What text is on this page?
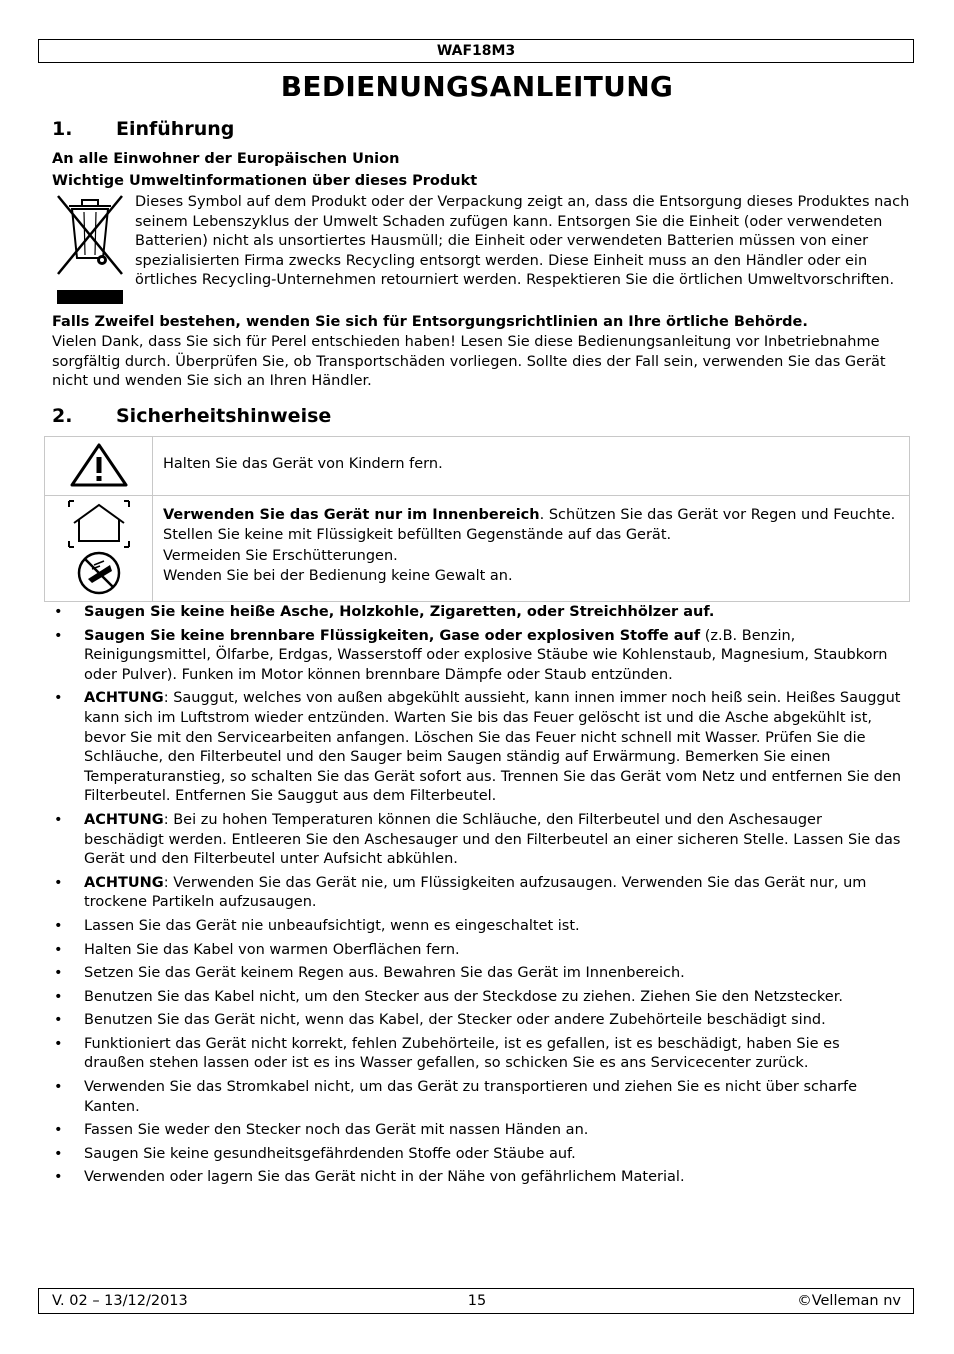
WAF18M3
BEDIENUNGSANLEITUNG
1. Einführung
An alle Einwohner der Europäischen Union
Wichtige Umweltinformationen über dieses Produkt
Dieses Symbol auf dem Produkt oder der Verpackung zeigt an, dass die Entsorgung dieses Produktes nach seinem Lebenszyklus der Umwelt Schaden zufügen kann. Entsorgen Sie die Einheit (oder verwendeten Batterien) nicht als unsortiertes Hausmüll; die Einheit oder verwendeten Batterien müssen von einer spezialisierten Firma zwecks Recycling entsorgt werden. Diese Einheit muss an den Händler oder ein örtliches Recycling-Unternehmen retourniert werden. Respektieren Sie die örtlichen Umweltvorschriften.
Falls Zweifel bestehen, wenden Sie sich für Entsorgungsrichtlinien an Ihre örtliche Behörde.
Vielen Dank, dass Sie sich für Perel entschieden haben! Lesen Sie diese Bedienungsanleitung vor Inbetriebnahme sorgfältig durch. Überprüfen Sie, ob Transportschäden vorliegen. Sollte dies der Fall sein, verwenden Sie das Gerät nicht und wenden Sie sich an Ihren Händler.
2. Sicherheitshinweise
	Halten Sie das Gerät von Kindern fern.
	Verwenden Sie das Gerät nur im Innenbereich. Schützen Sie das Gerät vor Regen und Feuchte. Stellen Sie keine mit Flüssigkeit befüllten Gegenstände auf das Gerät.
Vermeiden Sie Erschütterungen.
Wenden Sie bei der Bedienung keine Gewalt an.
• Saugen Sie keine heiße Asche, Holzkohle, Zigaretten, oder Streichhölzer auf.
• Saugen Sie keine brennbare Flüssigkeiten, Gase oder explosiven Stoffe auf (z.B. Benzin, Reinigungsmittel, Ölfarbe, Erdgas, Wasserstoff oder explosive Stäube wie Kohlenstaub, Magnesium, Staubkorn oder Pulver). Funken im Motor können brennbare Dämpfe oder Staub entzünden.
• ACHTUNG: Sauggut, welches von außen abgekühlt aussieht, kann innen immer noch heiß sein. Heißes Sauggut kann sich im Luftstrom wieder entzünden. Warten Sie bis das Feuer gelöscht ist und die Asche abgekühlt ist, bevor Sie mit den Servicearbeiten anfangen. Löschen Sie das Feuer nicht schnell mit Wasser. Prüfen Sie die Schläuche, den Filterbeutel und den Sauger beim Saugen ständig auf Erwärmung. Bemerken Sie einen Temperaturanstieg, so schalten Sie das Gerät sofort aus. Trennen Sie das Gerät vom Netz und entfernen Sie den Filterbeutel. Entfernen Sie Sauggut aus dem Filterbeutel.
• ACHTUNG: Bei zu hohen Temperaturen können die Schläuche, den Filterbeutel und den Aschesauger beschädigt werden. Entleeren Sie den Aschesauger und den Filterbeutel an einer sicheren Stelle. Lassen Sie das Gerät und den Filterbeutel unter Aufsicht abkühlen.
• ACHTUNG: Verwenden Sie das Gerät nie, um Flüssigkeiten aufzusaugen. Verwenden Sie das Gerät nur, um trockene Partikeln aufzusaugen.
• Lassen Sie das Gerät nie unbeaufsichtigt, wenn es eingeschaltet ist.
• Halten Sie das Kabel von warmen Oberflächen fern.
• Setzen Sie das Gerät keinem Regen aus. Bewahren Sie das Gerät im Innenbereich.
• Benutzen Sie das Kabel nicht, um den Stecker aus der Steckdose zu ziehen. Ziehen Sie den Netzstecker.
• Benutzen Sie das Gerät nicht, wenn das Kabel, der Stecker oder andere Zubehörteile beschädigt sind.
• Funktioniert das Gerät nicht korrekt, fehlen Zubehörteile, ist es gefallen, ist es beschädigt, haben Sie es draußen stehen lassen oder ist es ins Wasser gefallen, so schicken Sie es ans Servicecenter zurück.
• Verwenden Sie das Stromkabel nicht, um das Gerät zu transportieren und ziehen Sie es nicht über scharfe Kanten.
• Fassen Sie weder den Stecker noch das Gerät mit nassen Händen an.
• Saugen Sie keine gesundheitsgefährdenden Stoffe oder Stäube auf.
• Verwenden oder lagern Sie das Gerät nicht in der Nähe von gefährlichem Material.
V. 02 – 13/12/2013	15	©Velleman nv
